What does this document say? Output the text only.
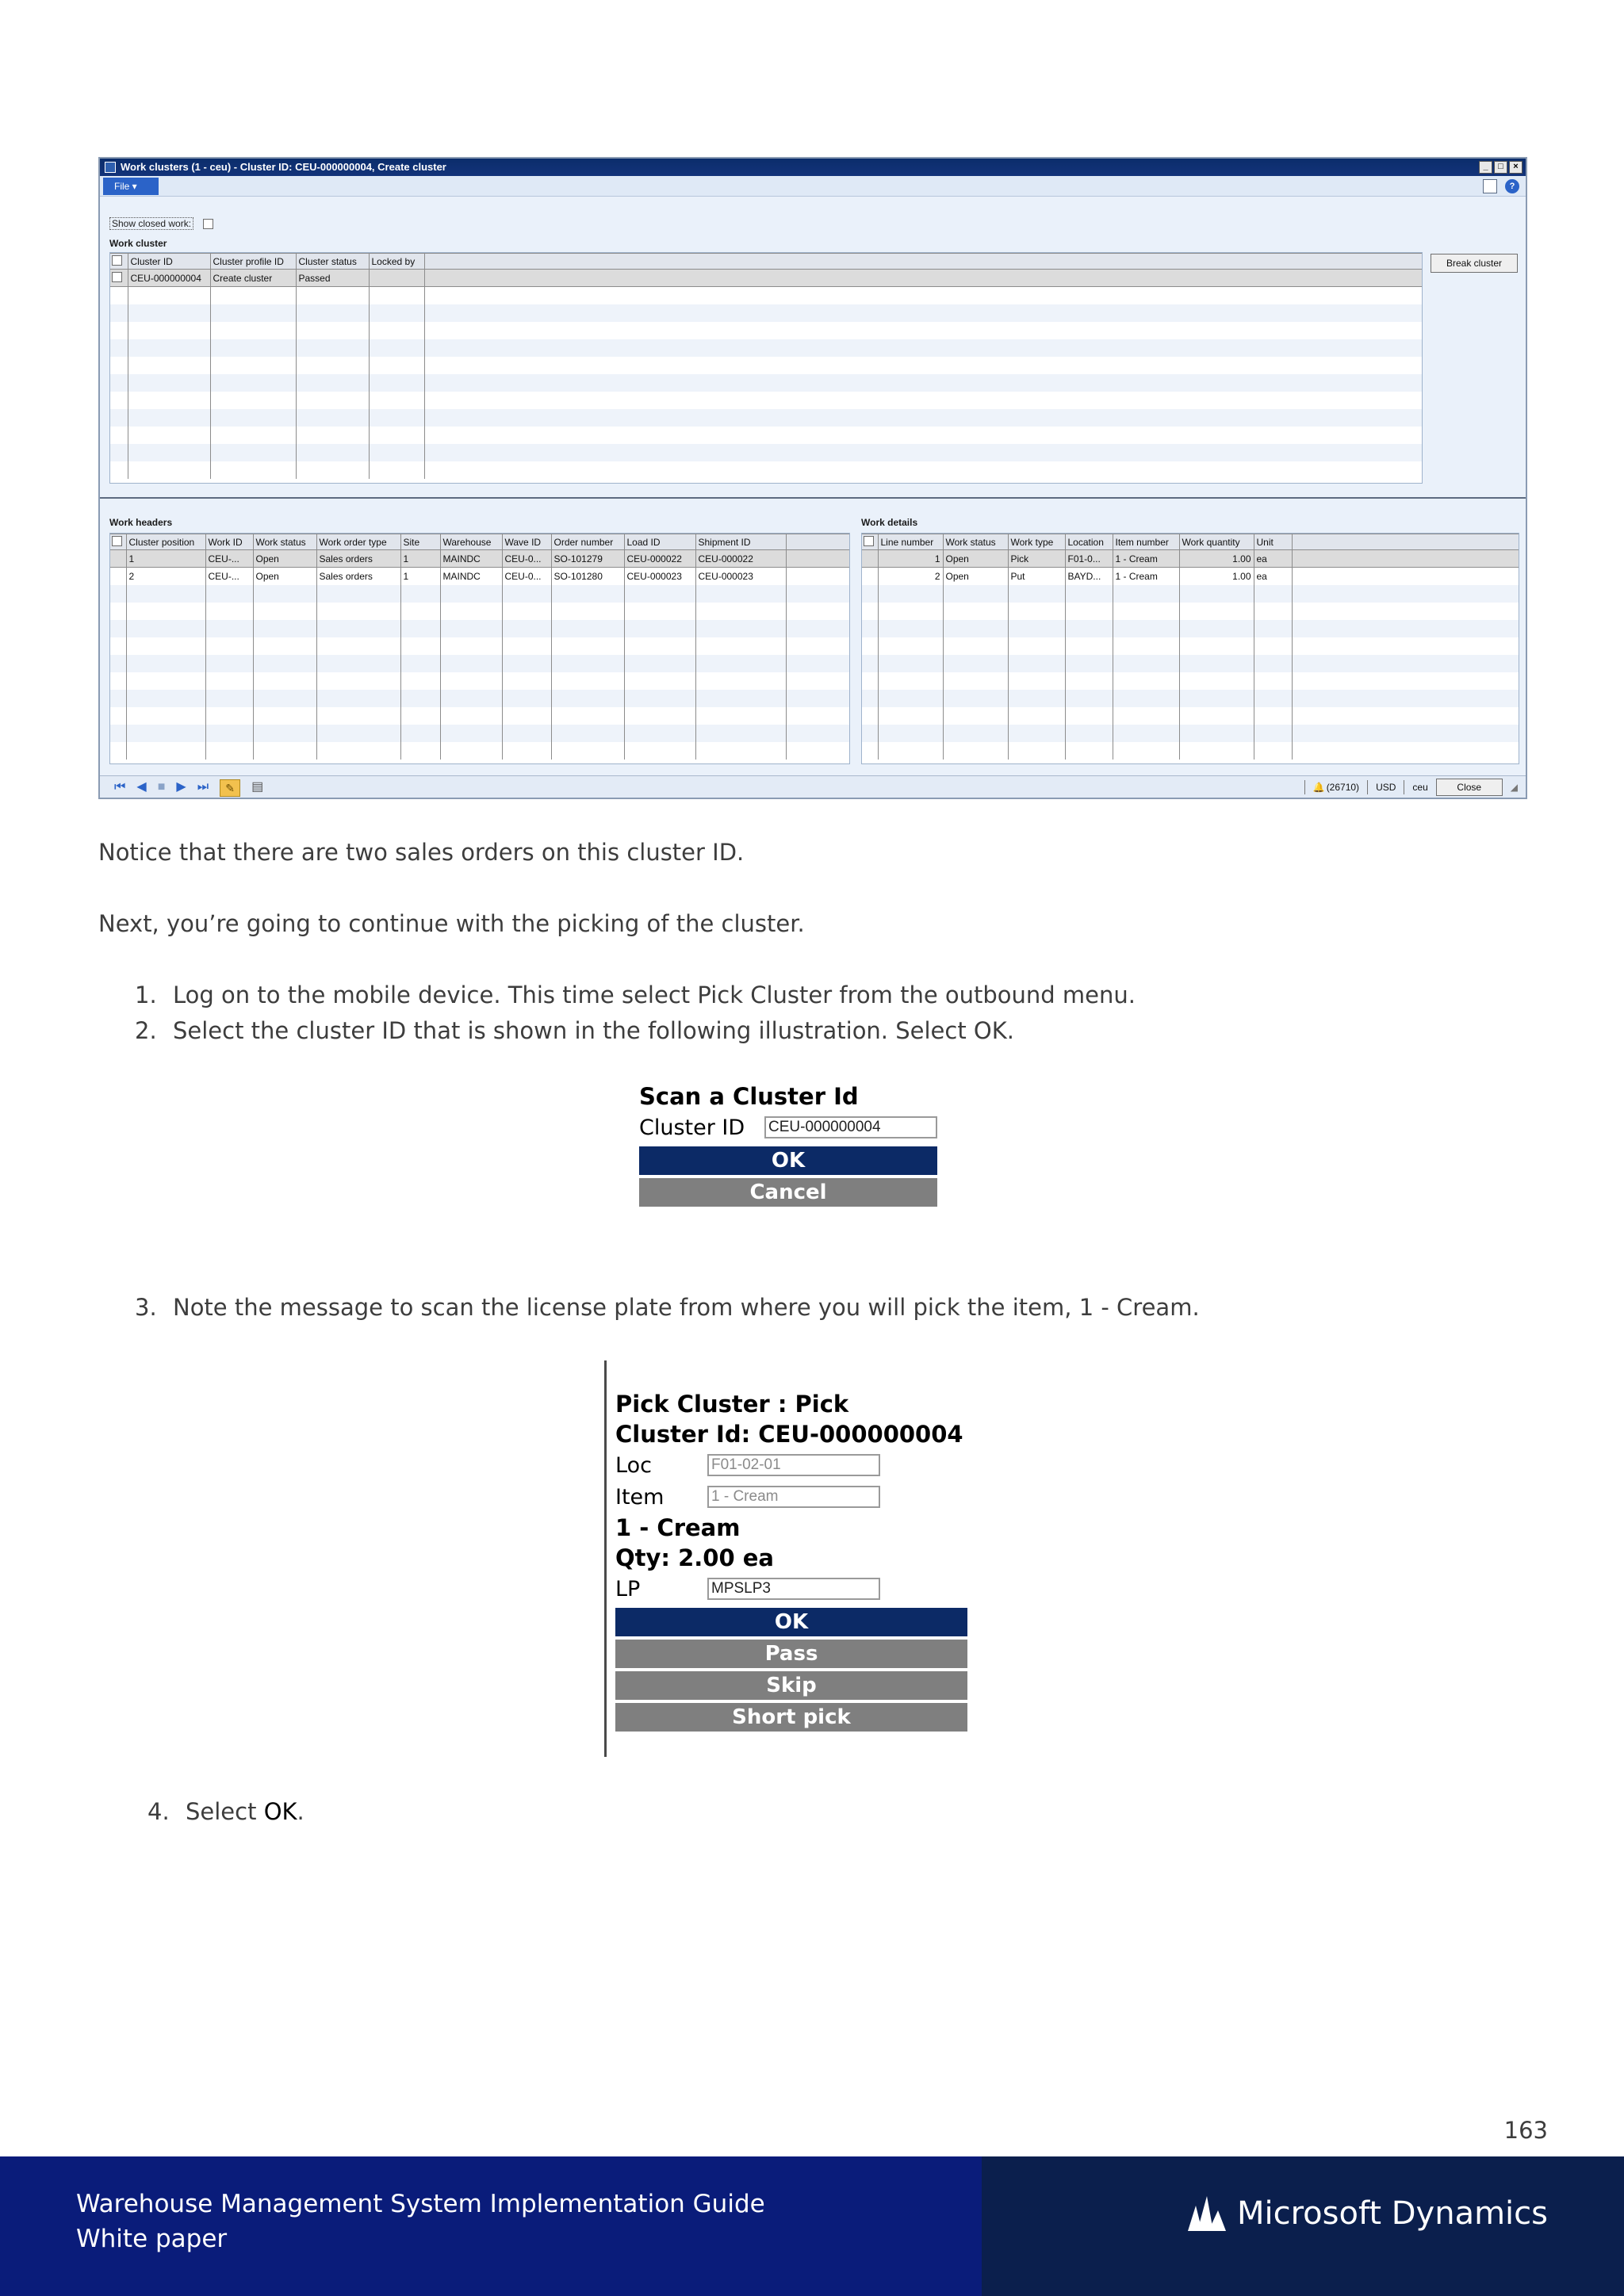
Work clusters (1 - ceu) - Cluster ID: CEU-000000004, Create cluster	_	□	×
File ▾	?
Show closed work:
Work cluster
	Cluster ID	Cluster profile ID	Cluster status	Locked by	
	CEU-000000004	Create cluster	Passed		

Break cluster
Work headers	Work details
	Cluster position	Work ID	Work status	Work order type	Site	Warehouse	Wave ID	Order number	Load ID	Shipment ID	
	1	CEU-...	Open	Sales orders	1	MAINDC	CEU-0...	SO-101279	CEU-000022	CEU-000022	
	2	CEU-...	Open	Sales orders	1	MAINDC	CEU-0...	SO-101280	CEU-000023	CEU-000023	

	Line number	Work status	Work type	Location	Item number	Work quantity	Unit	
	1	Open	Pick	F01-0...	1 - Cream	1.00	ea	
	2	Open	Put	BAYD...	1 - Cream	1.00	ea	

⏮ ◀ ■ ▶ ⏭	✎	▤	🔔 (26710) USD ceu	Close	◢

Notice that there are two sales orders on this cluster ID.

Next, you’re going to continue with the picking of the cluster.

1. Log on to the mobile device. This time select Pick Cluster from the outbound menu.
2. Select the cluster ID that is shown in the following illustration. Select OK.
Scan a Cluster Id
Cluster ID	CEU-000000004
OK
Cancel
3. Note the message to scan the license plate from where you will pick the item, 1 - Cream.
Pick Cluster : Pick
Cluster Id: CEU-000000004
Loc	F01-02-01
Item	1 - Cream
1 - Cream
Qty: 2.00 ea
LP	MPSLP3
OK
Pass
Skip
Short pick
4. Select OK.
163
Warehouse Management System Implementation Guide
White paper
Microsoft Dynamics
